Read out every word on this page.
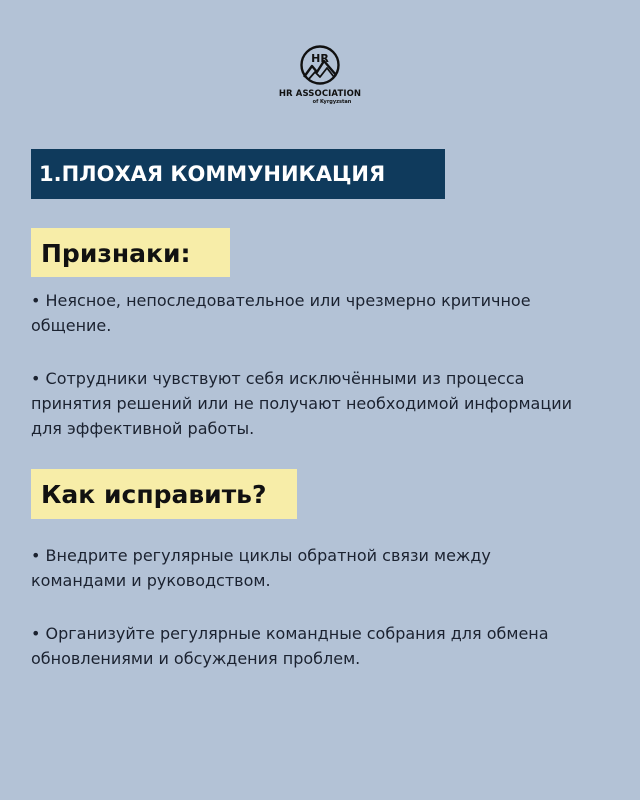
HR
HR ASSOCIATION
of Kyrgyzstan
1.ПЛОХАЯ КОММУНИКАЦИЯ
Признаки:
• Неясное, непоследовательное или чрезмерно критичное общение.
• Сотрудники чувствуют себя исключёнными из процесса принятия решений или не получают необходимой информации для эффективной работы.
Как исправить?
• Внедрите регулярные циклы обратной связи между командами и руководством.
• Организуйте регулярные командные собрания для обмена обновлениями и обсуждения проблем.
